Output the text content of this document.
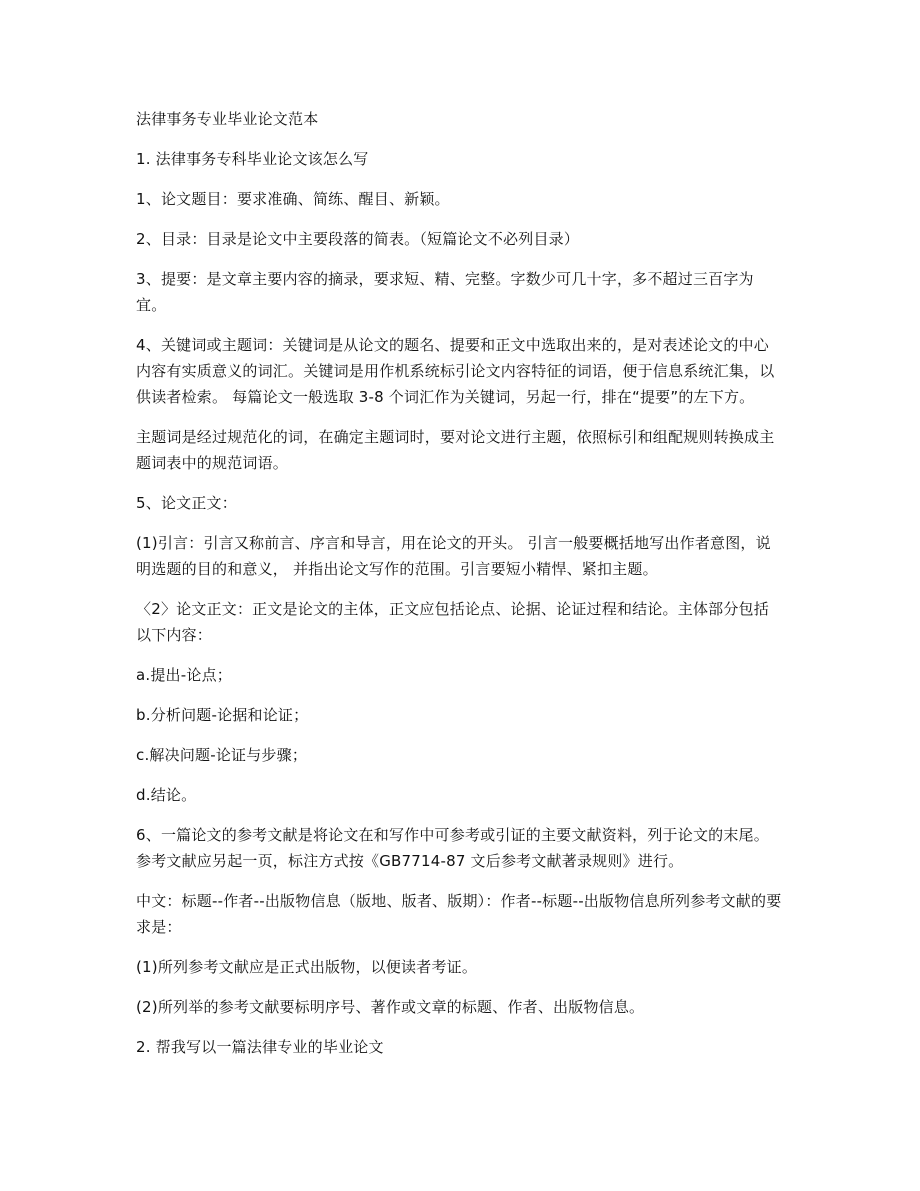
法律事务专业毕业论文范本

1. 法律事务专科毕业论文该怎么写

1、论文题目：要求准确、简练、醒目、新颖。

2、目录：目录是论文中主要段落的简表。（短篇论文不必列目录）

3、提要：是文章主要内容的摘录，要求短、精、完整。字数少可几十字，多不超过三百字为宜。

4、关键词或主题词：关键词是从论文的题名、提要和正文中选取出来的，是对表述论文的中心内容有实质意义的词汇。关键词是用作机系统标引论文内容特征的词语，便于信息系统汇集，以供读者检索。 每篇论文一般选取 3-8 个词汇作为关键词，另起一行，排在“提要”的左下方。

主题词是经过规范化的词，在确定主题词时，要对论文进行主题，依照标引和组配规则转换成主题词表中的规范词语。

5、论文正文：

(1)引言：引言又称前言、序言和导言，用在论文的开头。 引言一般要概括地写出作者意图，说明选题的目的和意义， 并指出论文写作的范围。引言要短小精悍、紧扣主题。

〈2〉论文正文：正文是论文的主体，正文应包括论点、论据、论证过程和结论。主体部分包括以下内容：

a.提出-论点；

b.分析问题-论据和论证；

c.解决问题-论证与步骤；

d.结论。

6、一篇论文的参考文献是将论文在和写作中可参考或引证的主要文献资料，列于论文的末尾。参考文献应另起一页，标注方式按《GB7714-87 文后参考文献著录规则》进行。

中文：标题--作者--出版物信息（版地、版者、版期）：作者--标题--出版物信息所列参考文献的要求是：

(1)所列参考文献应是正式出版物，以便读者考证。

(2)所列举的参考文献要标明序号、著作或文章的标题、作者、出版物信息。

2. 帮我写以一篇法律专业的毕业论文
